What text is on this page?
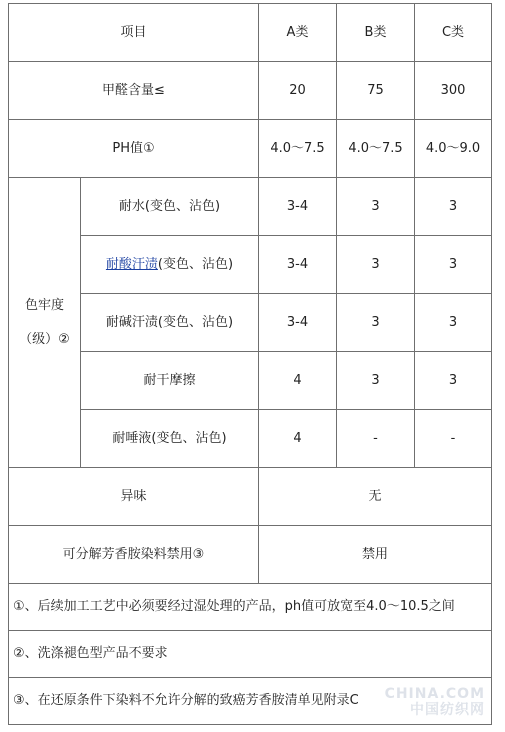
项目	A类	B类	C类
甲醛含量≤	20	75	300
PH值①	4.0～7.5	4.0～7.5	4.0～9.0
色牢度
（级）②
耐水(变色、沾色)	3-4	3	3
耐酸汗渍(变色、沾色)	3-4	3	3
耐碱汗渍(变色、沾色)	3-4	3	3
耐干摩擦	4	3	3
耐唾液(变色、沾色)	4	-	-
异味	无
可分解芳香胺染料禁用③	禁用
①、后续加工工艺中必须要经过湿处理的产品，ph值可放宽至4.0～10.5之间
②、洗涤褪色型产品不要求
③、在还原条件下染料不允许分解的致癌芳香胺清单见附录C	CHINA.COM
中国纺织网
